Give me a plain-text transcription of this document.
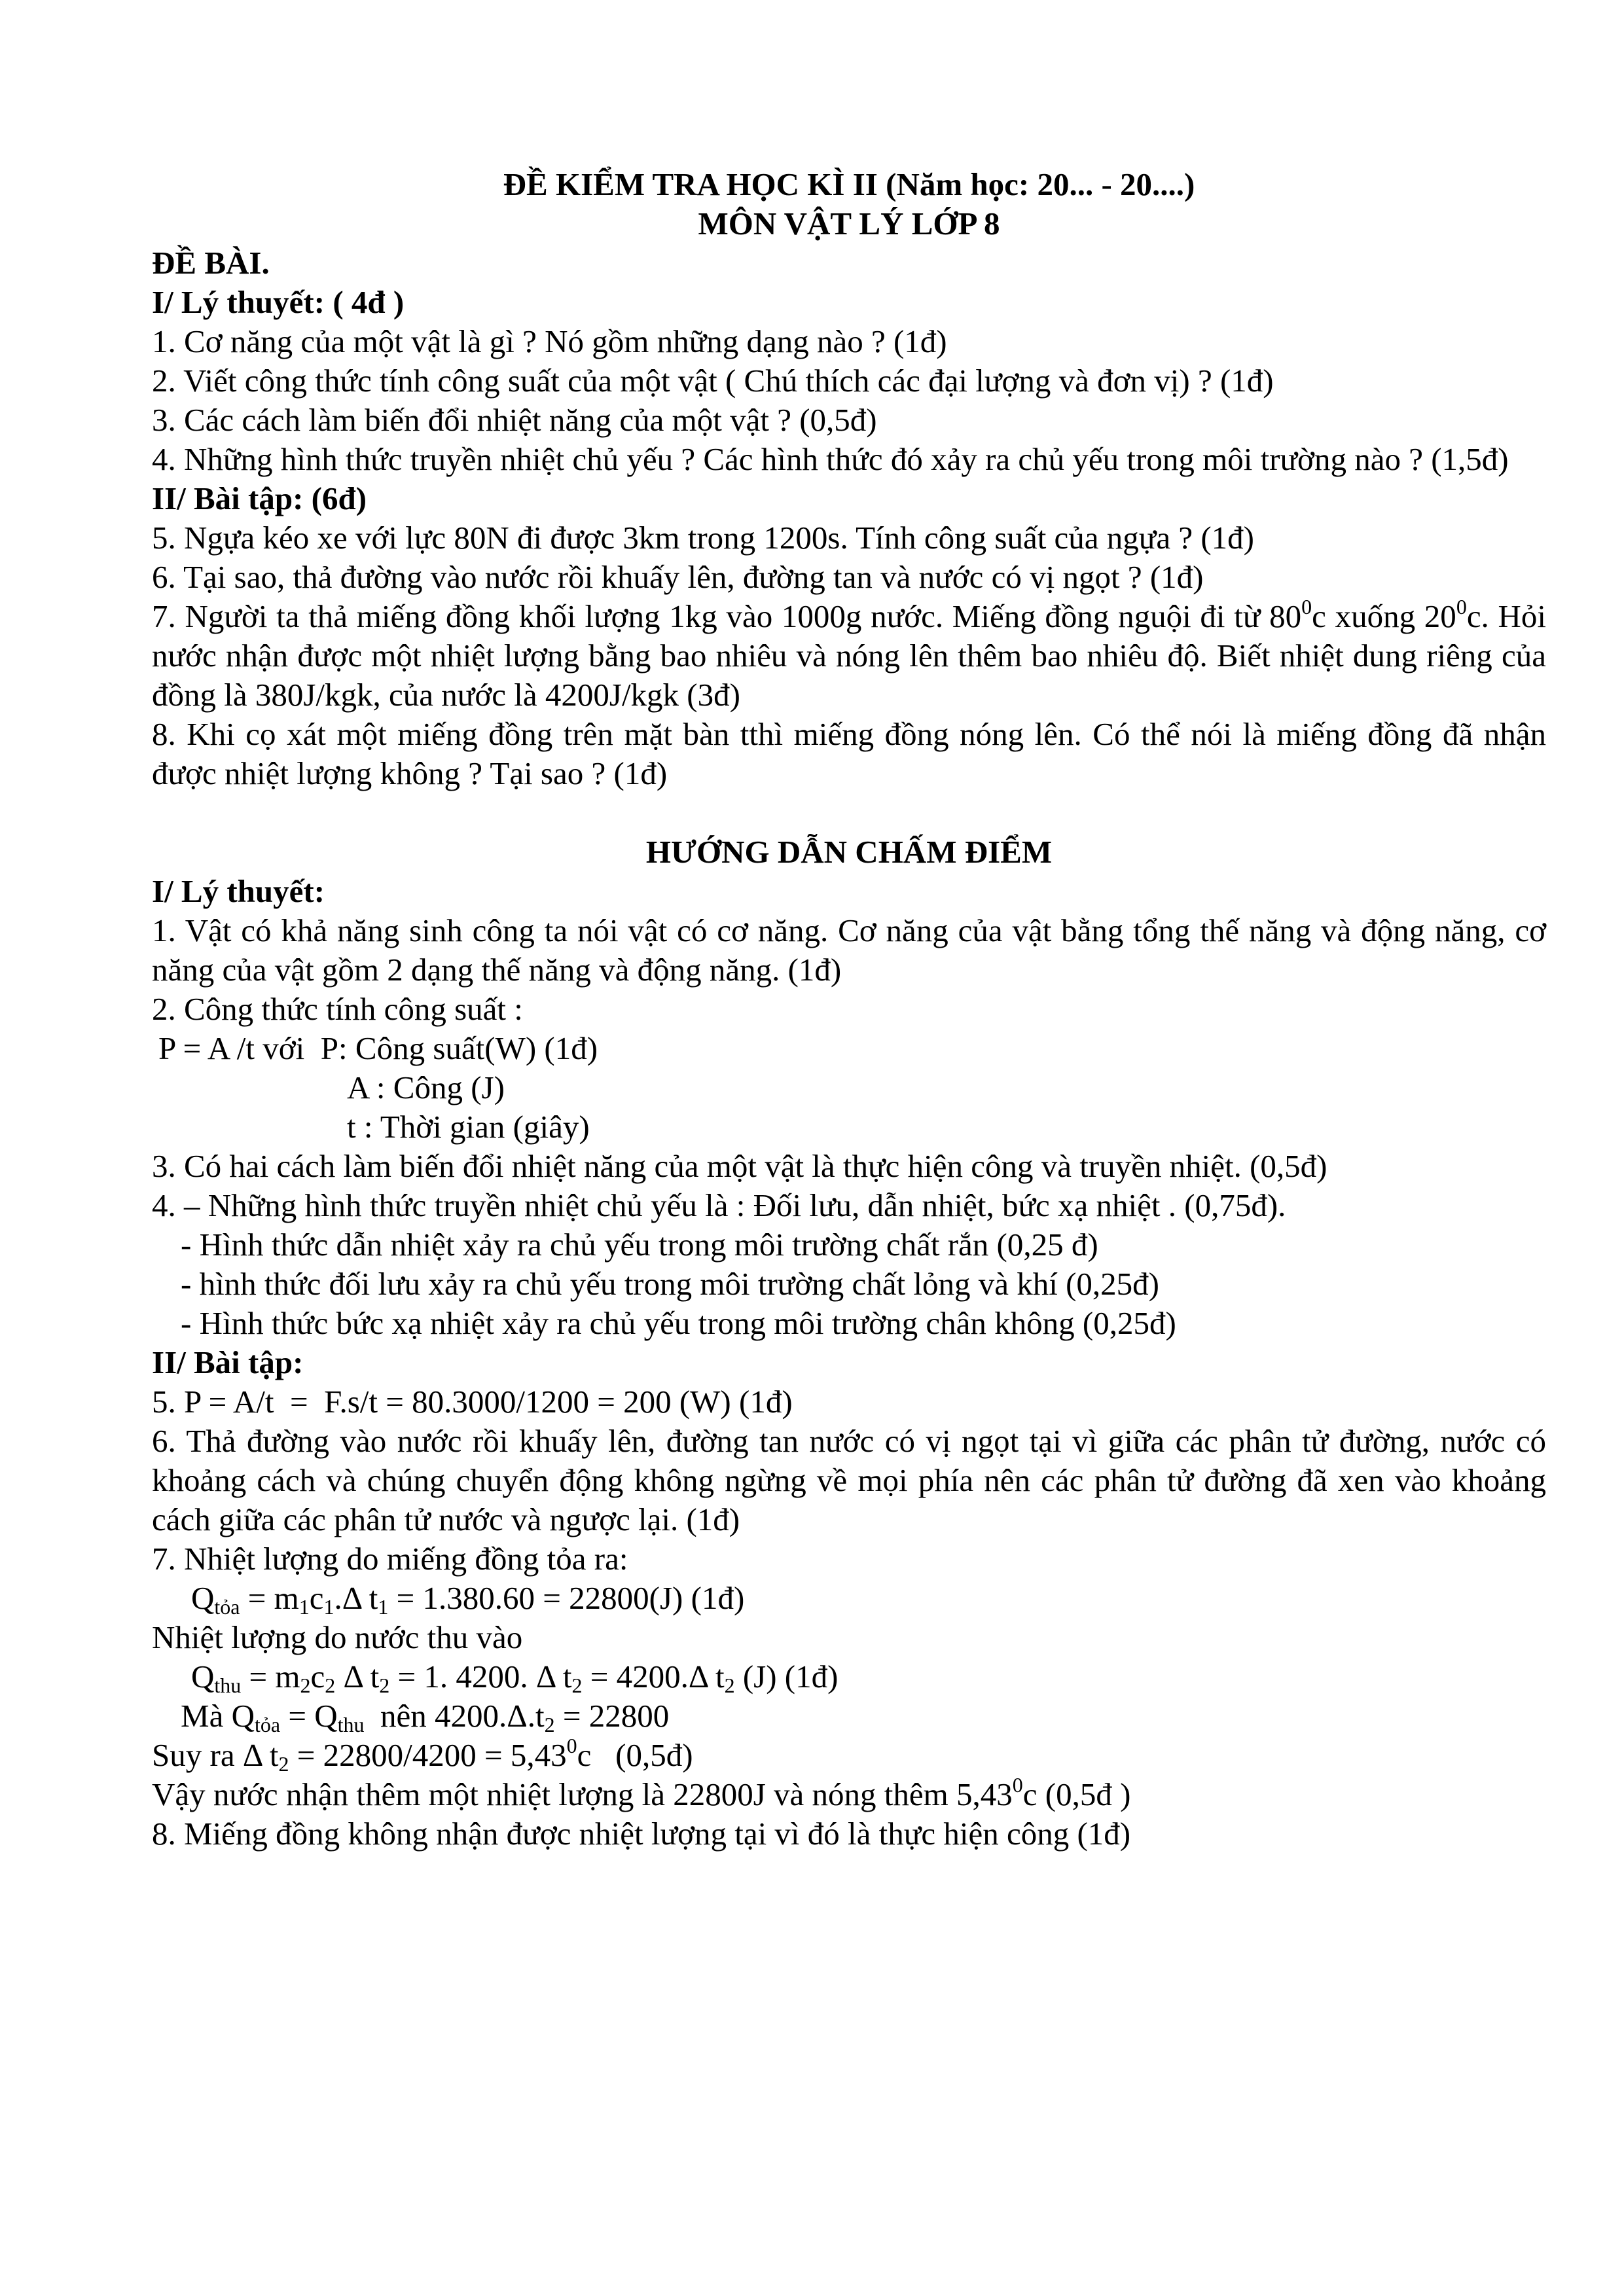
ĐỀ KIỂM TRA HỌC KÌ II (Năm học: 20... - 20....)
MÔN VẬT LÝ LỚP 8
ĐỀ BÀI.
I/ Lý thuyết: ( 4đ )
1. Cơ năng của một vật là gì ? Nó gồm những dạng nào ? (1đ)
2. Viết công thức tính công suất của một vật ( Chú thích các đại lượng và đơn vị) ? (1đ)
3. Các cách làm biến đổi nhiệt năng của một vật ? (0,5đ)
4. Những hình thức truyền nhiệt chủ yếu ? Các hình thức đó xảy ra chủ yếu trong môi trường nào ? (1,5đ)
II/ Bài tập: (6đ)
5. Ngựa kéo xe với lực 80N đi được 3km trong 1200s. Tính công suất của ngựa ? (1đ)
6. Tại sao, thả đường vào nước rồi khuấy lên, đường tan và nước có vị ngọt ? (1đ)
7. Người ta thả miếng đồng khối lượng 1kg vào 1000g nước. Miếng đồng nguội đi từ $80^0c$ xuống $20^0c$. Hỏi nước nhận được một nhiệt lượng bằng bao nhiêu và nóng lên thêm bao nhiêu độ. Biết nhiệt dung riêng của đồng là 380J/kgk, của nước là 4200J/kgk (3đ)
8. Khi cọ xát một miếng đồng trên mặt bàn tthì miếng đồng nóng lên. Có thể nói là miếng đồng đã nhận được nhiệt lượng không ? Tại sao ? (1đ)
HƯỚNG DẪN CHẤM ĐIỂM
I/ Lý thuyết:
1. Vật có khả năng sinh công ta nói vật có cơ năng. Cơ năng của vật bằng tổng thế năng và động năng, cơ năng của vật gồm 2 dạng thế năng và động năng. (1đ)
2. Công thức tính công suất :
P = A /t với  P: Công suất(W) (1đ)
A : Công (J)
t : Thời gian (giây)
3. Có hai cách làm biến đổi nhiệt năng của một vật là thực hiện công và truyền nhiệt. (0,5đ)
4. – Những hình thức truyền nhiệt chủ yếu là : Đối lưu, dẫn nhiệt, bức xạ nhiệt . (0,75đ).
- Hình thức dẫn nhiệt xảy ra chủ yếu trong môi trường chất rắn (0,25 đ)
- hình thức đối lưu xảy ra chủ yếu trong môi trường chất lỏng và khí (0,25đ)
- Hình thức bức xạ nhiệt xảy ra chủ yếu trong môi trường chân không (0,25đ)
II/ Bài tập:
5. P = A/t  =  F.s/t = 80.3000/1200 = 200 (W) (1đ)
6. Thả đường vào nước rồi khuấy lên, đường tan nước có vị ngọt tại vì giữa các phân tử đường, nước có khoảng cách và chúng chuyển động không ngừng về mọi phía nên các phân tử đường đã xen vào khoảng cách giữa các phân tử nước và ngược lại. (1đ)
7. Nhiệt lượng do miếng đồng tỏa ra:
$Q_{tỏa} = m_1c_1.\Delta$ $t_1 = 1.380.60 = 22800(J)$ (1đ)
Nhiệt lượng do nước thu vào
$Q_{thu} = m_2c_2$ Δ $t_2 = 1$. 4200. Δ $t_2 = 4200.\Delta$ $t_2$ (J) (1đ)
Mà $Q_{tỏa} = Q_{thu}$  nên $4200.\Delta.t_2 = 22800$
Suy ra Δ $t_2 = 22800/4200 = 5,43^0c$   (0,5đ)
Vậy nước nhận thêm một nhiệt lượng là 22800J và nóng thêm 5,43$^0$c (0,5đ )
8. Miếng đồng không nhận được nhiệt lượng tại vì đó là thực hiện công (1đ)
